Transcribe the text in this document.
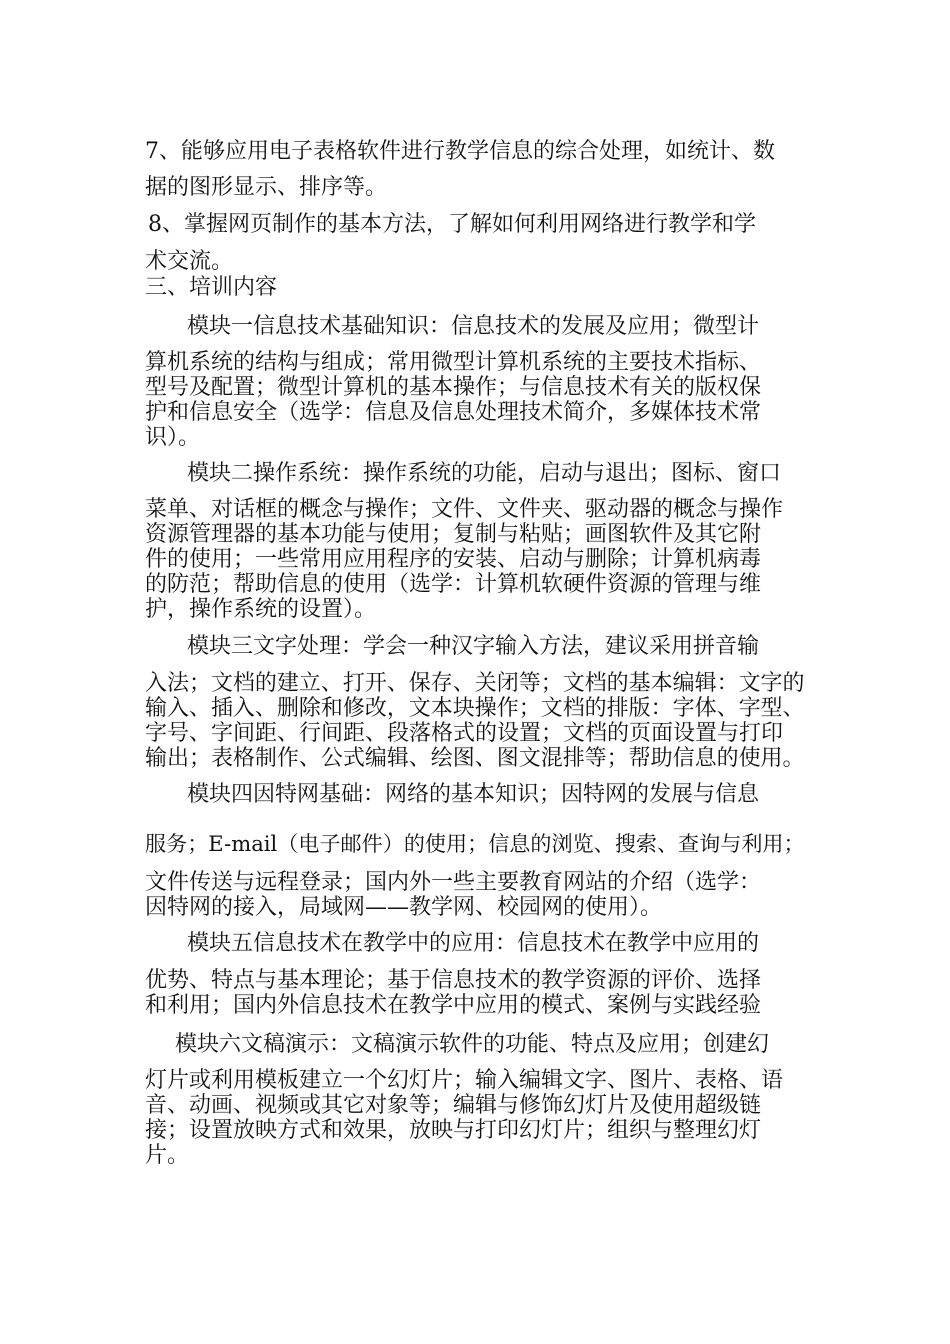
7、能够应用电子表格软件进行教学信息的综合处理，如统计、数
据的图形显示、排序等。
8、掌握网页制作的基本方法，了解如何利用网络进行教学和学
术交流。
三、培训内容
模块一信息技术基础知识：信息技术的发展及应用；微型计
算机系统的结构与组成；常用微型计算机系统的主要技术指标、
型号及配置；微型计算机的基本操作；与信息技术有关的版权保
护和信息安全（选学：信息及信息处理技术简介，多媒体技术常
识）。
模块二操作系统：操作系统的功能，启动与退出；图标、窗口
菜单、对话框的概念与操作；文件、文件夹、驱动器的概念与操作
资源管理器的基本功能与使用；复制与粘贴；画图软件及其它附
件的使用；一些常用应用程序的安装、启动与删除；计算机病毒
的防范；帮助信息的使用（选学：计算机软硬件资源的管理与维
护，操作系统的设置）。
模块三文字处理：学会一种汉字输入方法，建议采用拼音输
入法；文档的建立、打开、保存、关闭等；文档的基本编辑：文字的
输入、插入、删除和修改，文本块操作；文档的排版：字体、字型、
字号、字间距、行间距、段落格式的设置；文档的页面设置与打印
输出；表格制作、公式编辑、绘图、图文混排等；帮助信息的使用。
模块四因特网基础：网络的基本知识；因特网的发展与信息
服务；E-mail（电子邮件）的使用；信息的浏览、搜索、查询与利用；
文件传送与远程登录；国内外一些主要教育网站的介绍（选学：
因特网的接入，局域网——教学网、校园网的使用）。
模块五信息技术在教学中的应用：信息技术在教学中应用的
优势、特点与基本理论；基于信息技术的教学资源的评价、选择
和利用；国内外信息技术在教学中应用的模式、案例与实践经验
模块六文稿演示：文稿演示软件的功能、特点及应用；创建幻
灯片或利用模板建立一个幻灯片；输入编辑文字、图片、表格、语
音、动画、视频或其它对象等；编辑与修饰幻灯片及使用超级链
接；设置放映方式和效果，放映与打印幻灯片；组织与整理幻灯
片。
